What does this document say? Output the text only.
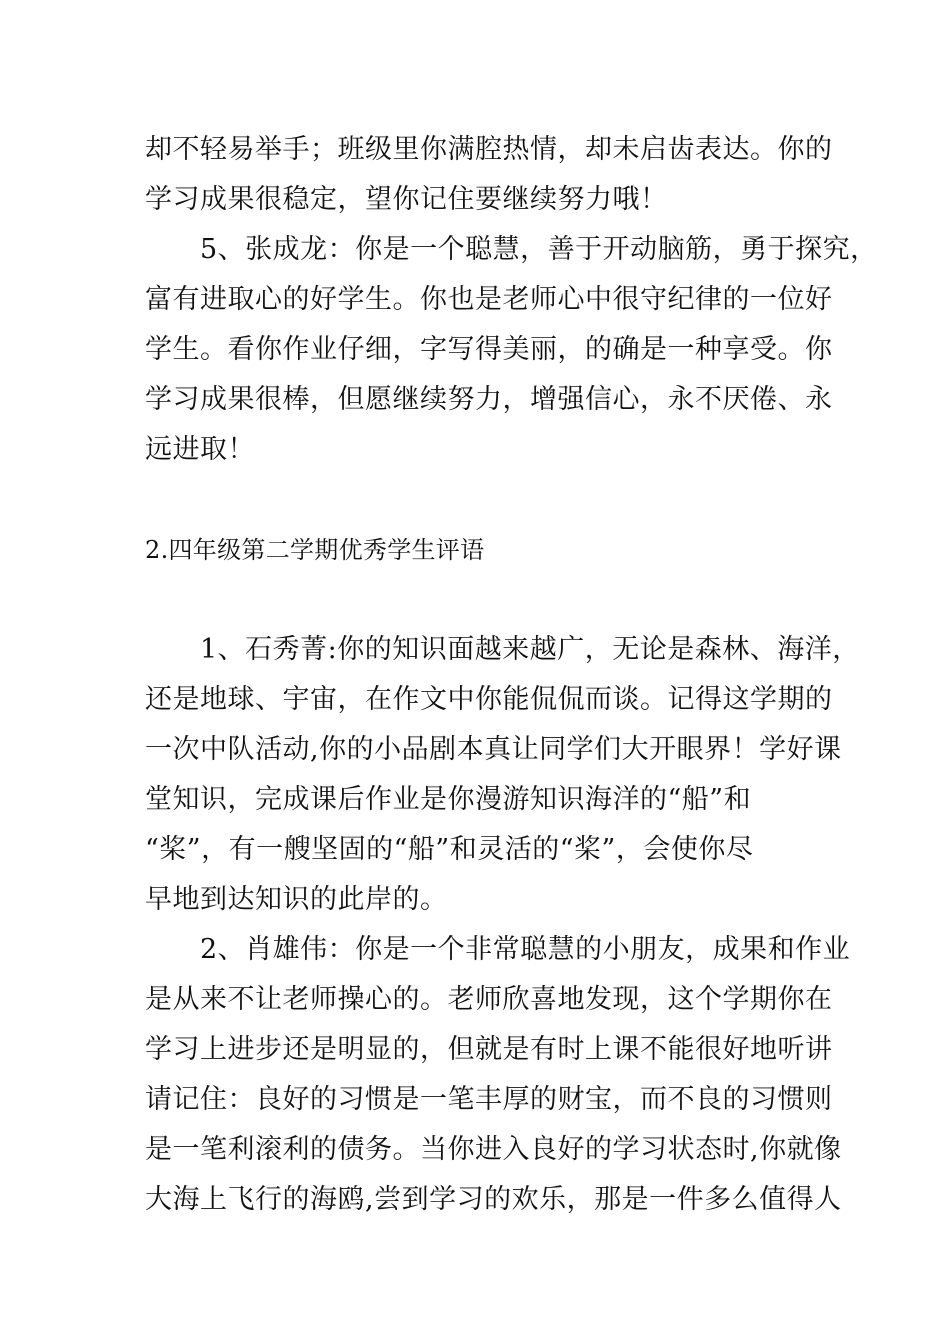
却不轻易举手；班级里你满腔热情，却未启齿表达。你的
学习成果很稳定，望你记住要继续努力哦！
　　5、张成龙：你是一个聪慧，善于开动脑筋，勇于探究，
富有进取心的好学生。你也是老师心中很守纪律的一位好
学生。看你作业仔细，字写得美丽，的确是一种享受。你
学习成果很棒，但愿继续努力，增强信心，永不厌倦、永
远进取！
2.四年级第二学期优秀学生评语
　　1、石秀菁:你的知识面越来越广，无论是森林、海洋，
还是地球、宇宙，在作文中你能侃侃而谈。记得这学期的
一次中队活动,你的小品剧本真让同学们大开眼界！学好课
堂知识，完成课后作业是你漫游知识海洋的“船”和
“桨”，有一艘坚固的“船”和灵活的“桨”，会使你尽
早地到达知识的此岸的。
　　2、肖雄伟：你是一个非常聪慧的小朋友，成果和作业
是从来不让老师操心的。老师欣喜地发现，这个学期你在
学习上进步还是明显的，但就是有时上课不能很好地听讲
请记住：良好的习惯是一笔丰厚的财宝，而不良的习惯则
是一笔利滚利的债务。当你进入良好的学习状态时,你就像
大海上飞行的海鸥,尝到学习的欢乐，那是一件多么值得人
